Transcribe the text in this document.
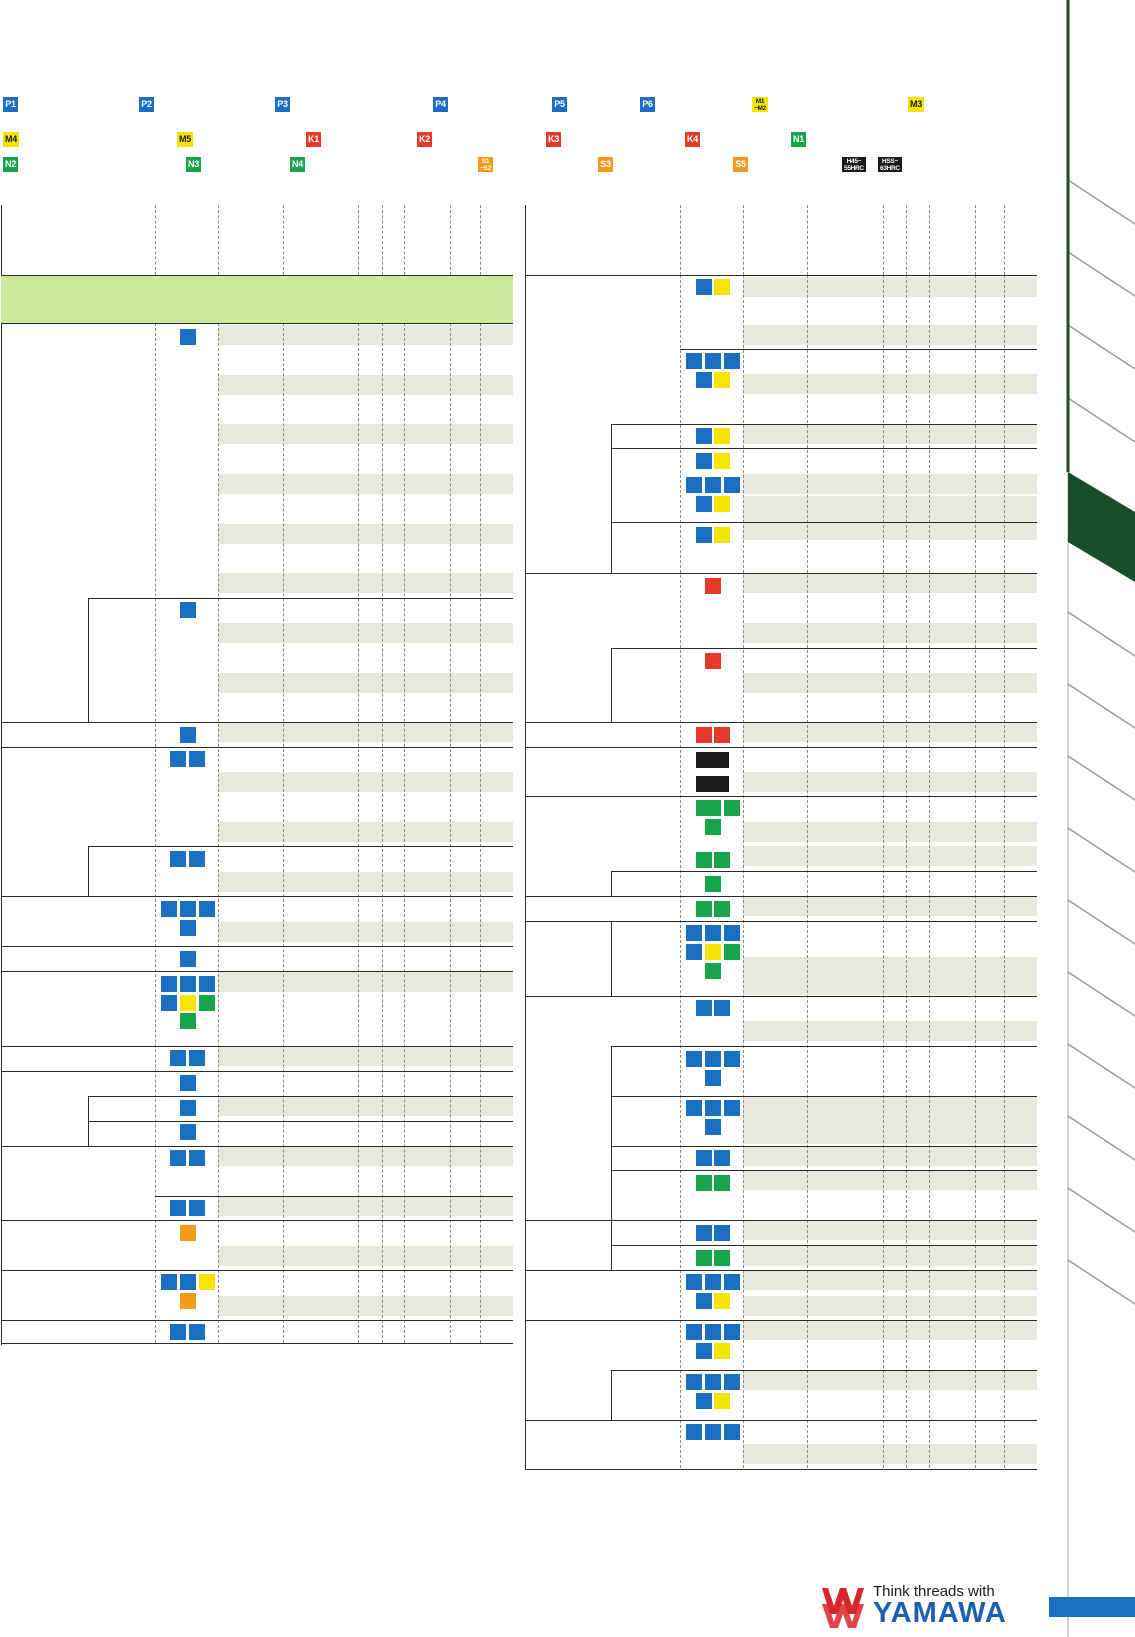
P1	P2	P3	P4	P5	P6	M1
~M2	M3
M4	M5	K1	K2	K3	K4	N1
N2	N3	N4	S1
~S2	S3	S5	H45~
55HRC
HSS~
63HRC
Think threads with
YAMAWA
